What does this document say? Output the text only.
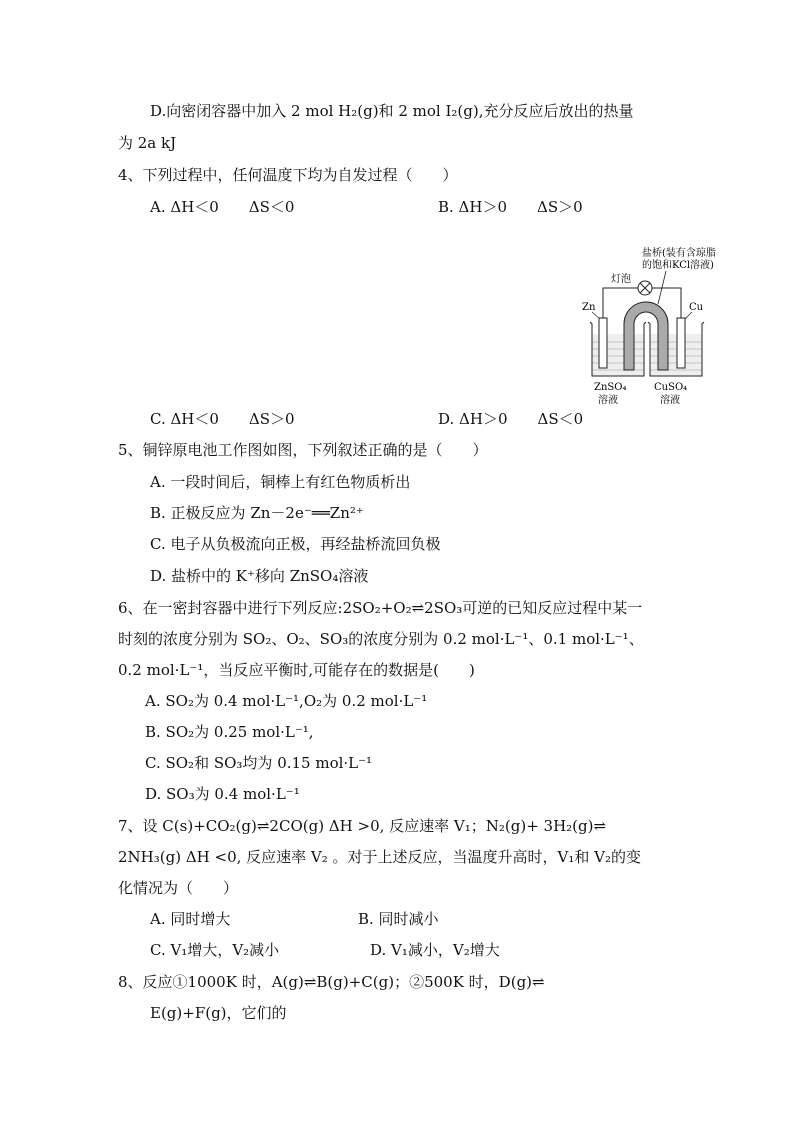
D.向密闭容器中加入 2 mol H₂(g)和 2 mol I₂(g),充分反应后放出的热量
为 2a kJ
4、下列过程中，任何温度下均为自发过程（　　）
A. ΔH＜0　　ΔS＜0	B. ΔH＞0　　ΔS＞0
C. ΔH＜0　　ΔS＞0	D. ΔH＞0　　ΔS＜0
盐桥(装有含琼脂
的饱和KCl溶液)
灯泡
Zn	Cu
ZnSO₄
溶液
CuSO₄
溶液
5、铜锌原电池工作图如图，下列叙述正确的是（　　）
A. 一段时间后，铜棒上有红色物质析出
B. 正极反应为 Zn－2e⁻══Zn²⁺
C. 电子从负极流向正极，再经盐桥流回负极
D. 盐桥中的 K⁺移向 ZnSO₄溶液
6、在一密封容器中进行下列反应:2SO₂+O₂⇌2SO₃可逆的已知反应过程中某一
时刻的浓度分别为 SO₂、O₂、SO₃的浓度分别为 0.2 mol·L⁻¹、0.1 mol·L⁻¹、
0.2 mol·L⁻¹，当反应平衡时,可能存在的数据是(　　)
A. SO₂为 0.4 mol·L⁻¹,O₂为 0.2 mol·L⁻¹
B. SO₂为 0.25 mol·L⁻¹,
C. SO₂和 SO₃均为 0.15 mol·L⁻¹
D. SO₃为 0.4 mol·L⁻¹
7、设 C(s)+CO₂(g)⇌2CO(g) ΔH >0, 反应速率 V₁；N₂(g)+ 3H₂(g)⇌
2NH₃(g) ΔH <0, 反应速率 V₂ 。对于上述反应，当温度升高时，V₁和 V₂的变
化情况为（　　）
A. 同时增大	B. 同时减小
C. V₁增大，V₂减小	D. V₁减小，V₂增大
8、反应①1000K 时，A(g)⇌B(g)+C(g)；②500K 时，D(g)⇌
E(g)+F(g)，它们的
